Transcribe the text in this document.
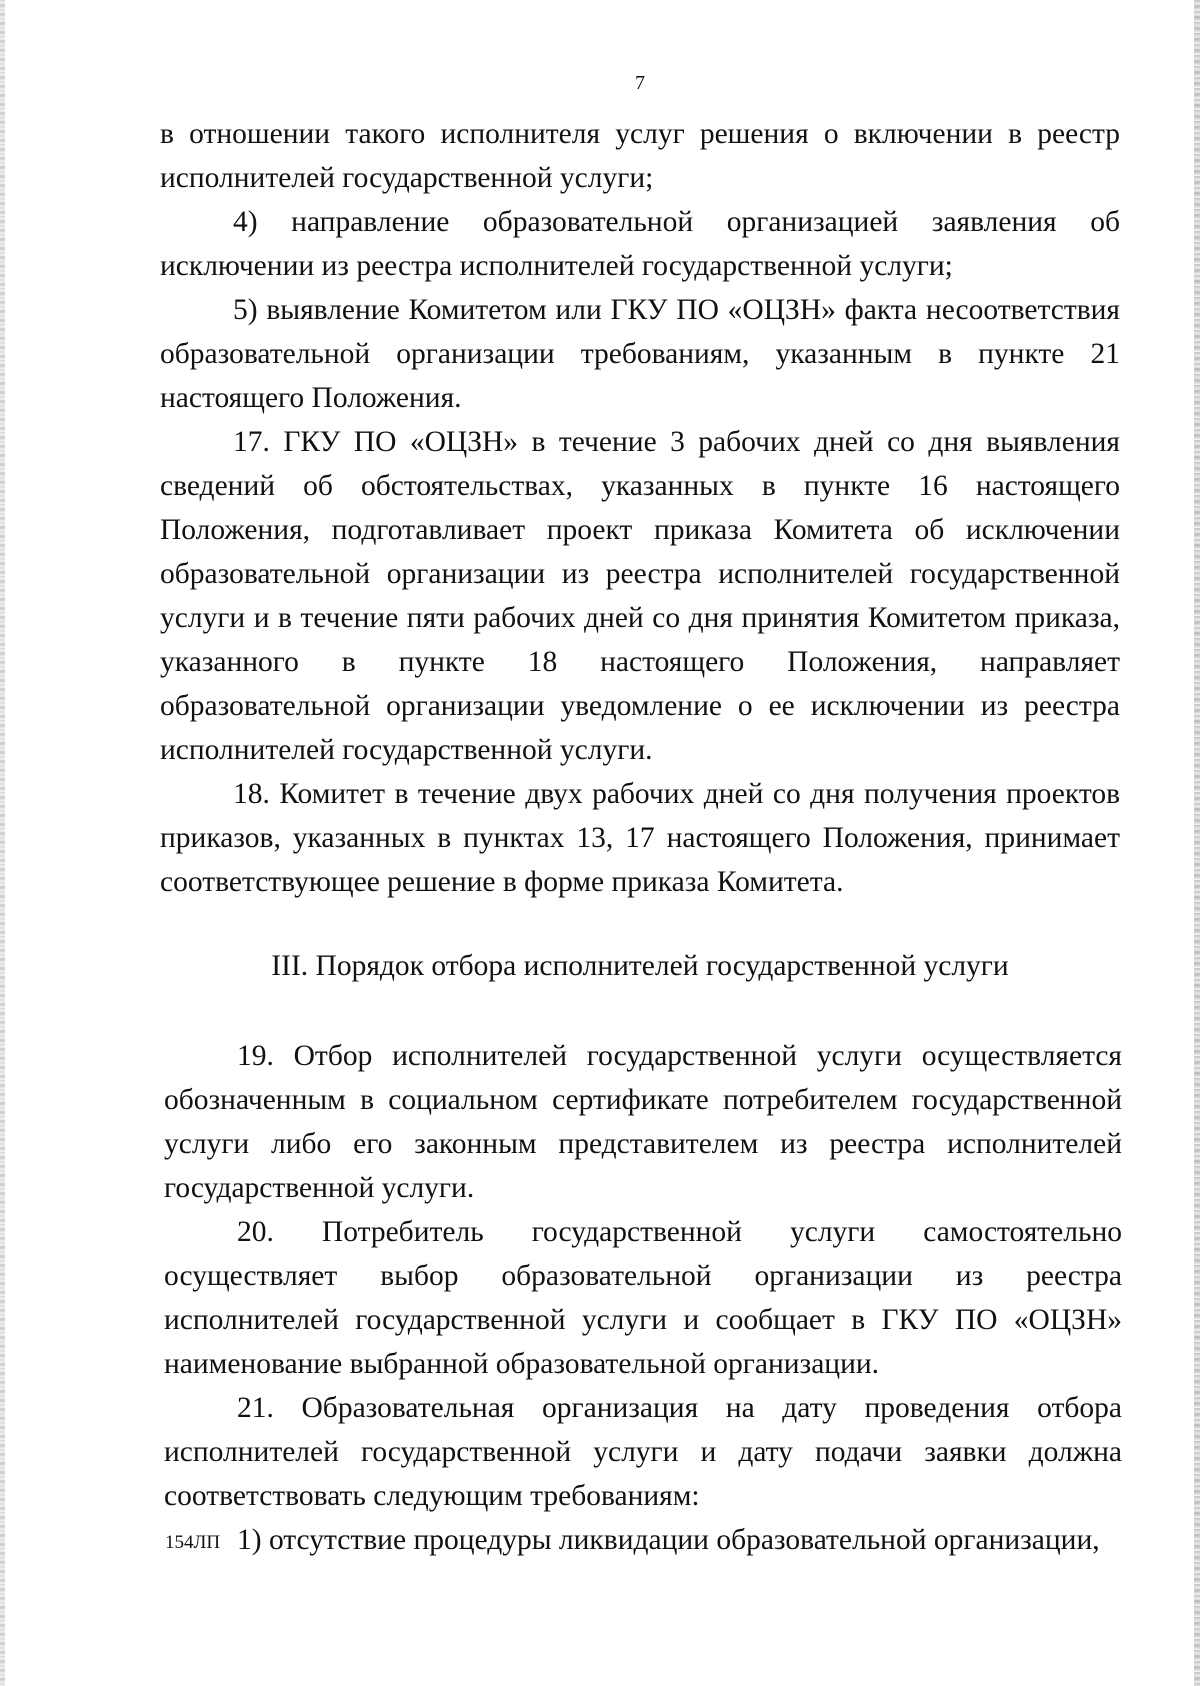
7

в отношении такого исполнителя услуг решения о включении в реестр исполнителей государственной услуги;

4) направление образовательной организацией заявления об исключении из реестра исполнителей государственной услуги;

5) выявление Комитетом или ГКУ ПО «ОЦЗН» факта несоответствия образовательной организации требованиям, указанным в пункте 21 настоящего Положения.

17. ГКУ ПО «ОЦЗН» в течение 3 рабочих дней со дня выявления сведений об обстоятельствах, указанных в пункте 16 настоящего Положения, подготавливает проект приказа Комитета об исключении образовательной организации из реестра исполнителей государственной услуги и в течение пяти рабочих дней со дня принятия Комитетом приказа, указанного в пункте 18 настоящего Положения, направляет образовательной организации уведомление о ее исключении из реестра исполнителей государственной услуги.

18. Комитет в течение двух рабочих дней со дня получения проектов приказов, указанных в пунктах 13, 17 настоящего Положения, принимает соответствующее решение в форме приказа Комитета.

III. Порядок отбора исполнителей государственной услуги

19. Отбор исполнителей государственной услуги осуществляется обозначенным в социальном сертификате потребителем государственной услуги либо его законным представителем из реестра исполнителей государственной услуги.

20. Потребитель государственной услуги самостоятельно осуществляет выбор образовательной организации из реестра исполнителей государственной услуги и сообщает в ГКУ ПО «ОЦЗН» наименование выбранной образовательной организации.

21. Образовательная организация на дату проведения отбора исполнителей государственной услуги и дату подачи заявки должна соответствовать следующим требованиям:

1) отсутствие процедуры ликвидации образовательной организации,

154ЛП
